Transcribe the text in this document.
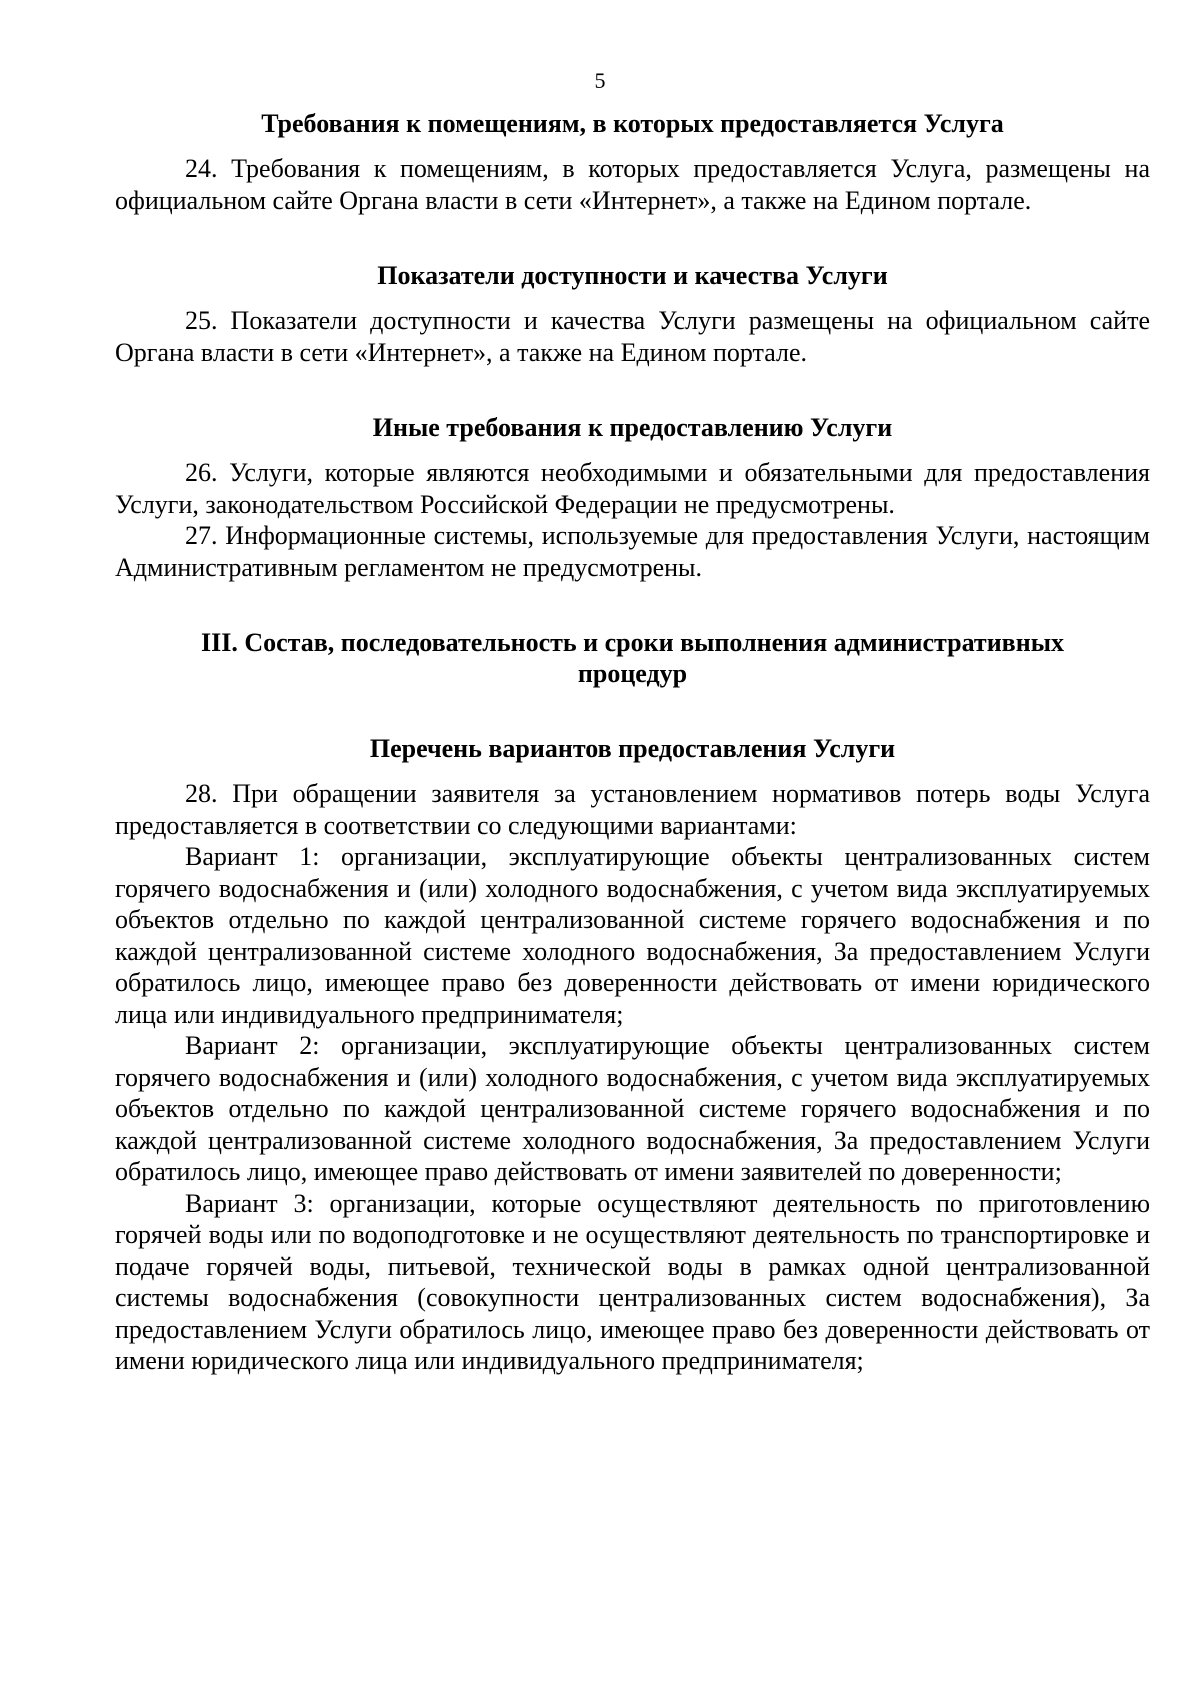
5
Требования к помещениям, в которых предоставляется Услуга

24. Требования к помещениям, в которых предоставляется Услуга, размещены на официальном сайте Органа власти в сети «Интернет», а также на Едином портале.

Показатели доступности и качества Услуги

25. Показатели доступности и качества Услуги размещены на официальном сайте Органа власти в сети «Интернет», а также на Едином портале.

Иные требования к предоставлению Услуги

26. Услуги, которые являются необходимыми и обязательными для предоставления Услуги, законодательством Российской Федерации не предусмотрены.

27. Информационные системы, используемые для предоставления Услуги, настоящим Административным регламентом не предусмотрены.

III. Состав, последовательность и сроки выполнения административных
процедур
Перечень вариантов предоставления Услуги

28. При обращении заявителя за установлением нормативов потерь воды Услуга предоставляется в соответствии со следующими вариантами:

Вариант 1: организации, эксплуатирующие объекты централизованных систем горячего водоснабжения и (или) холодного водоснабжения, с учетом вида эксплуатируемых объектов отдельно по каждой централизованной системе горячего водоснабжения и по каждой централизованной системе холодного водоснабжения, За предоставлением Услуги обратилось лицо, имеющее право без доверенности действовать от имени юридического лица или индивидуального предпринимателя;

Вариант 2: организации, эксплуатирующие объекты централизованных систем горячего водоснабжения и (или) холодного водоснабжения, с учетом вида эксплуатируемых объектов отдельно по каждой централизованной системе горячего водоснабжения и по каждой централизованной системе холодного водоснабжения, За предоставлением Услуги обратилось лицо, имеющее право действовать от имени заявителей по доверенности;

Вариант 3: организации, которые осуществляют деятельность по приготовлению горячей воды или по водоподготовке и не осуществляют деятельность по транспортировке и подаче горячей воды, питьевой, технической воды в рамках одной централизованной системы водоснабжения (совокупности централизованных систем водоснабжения), За предоставлением Услуги обратилось лицо, имеющее право без доверенности действовать от имени юридического лица или индивидуального предпринимателя;
